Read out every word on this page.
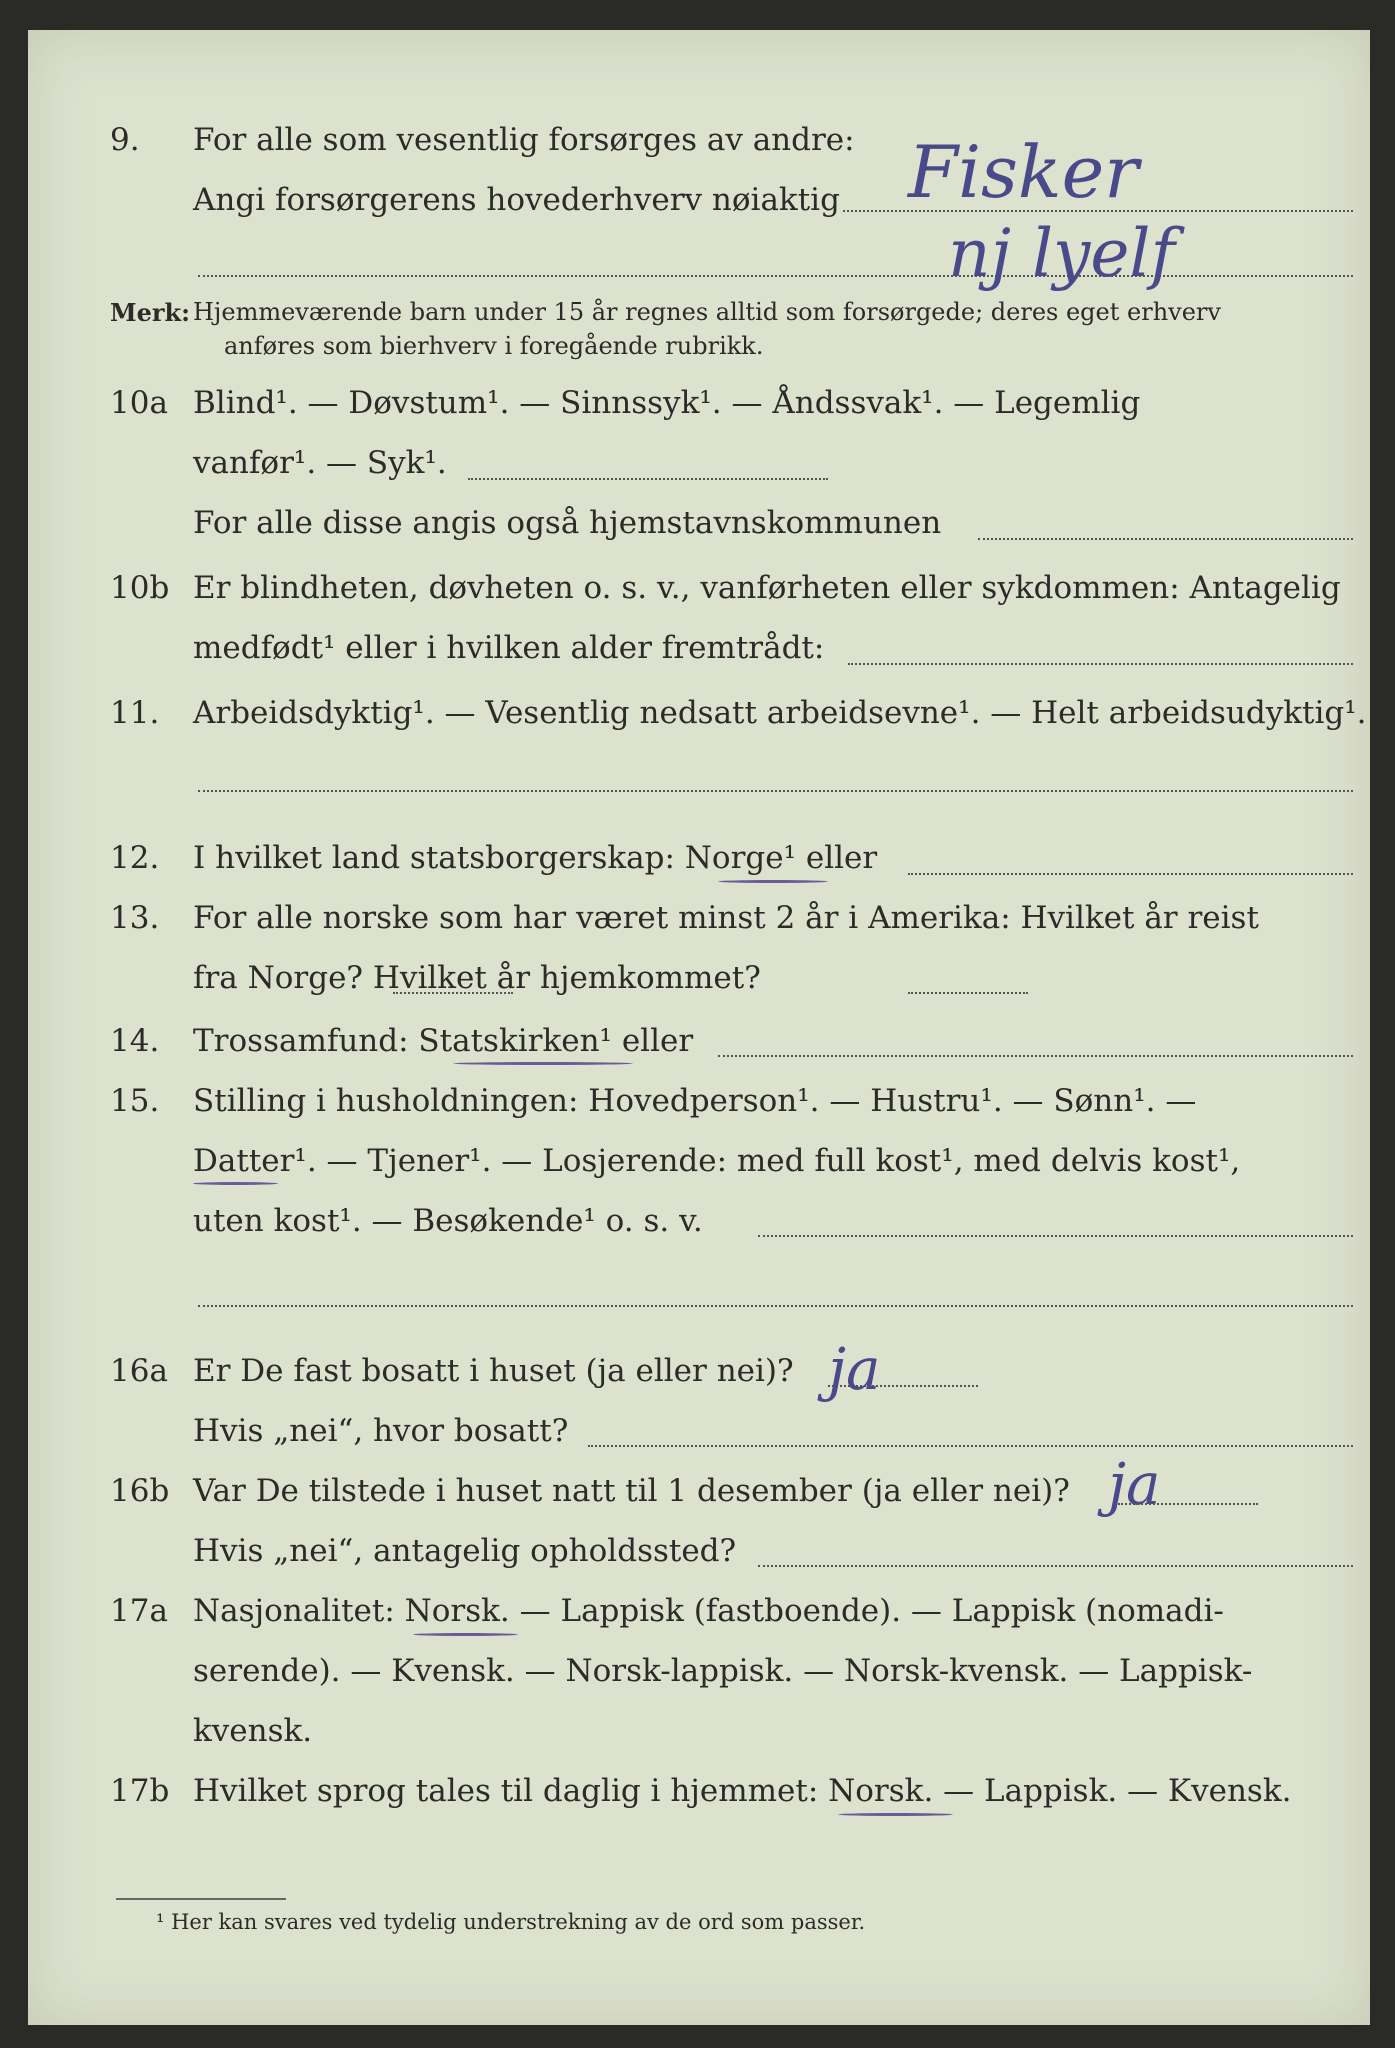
9. For alle som vesentlig forsørges av andre:
Angi forsørgerens hovederhverv nøiaktig Fisker
nj lyelf
Merk: Hjemmeværende barn under 15 år regnes alltid som forsørgede; deres eget erhverv
anføres som bierhverv i foregående rubrikk.
10a Blind¹. — Døvstum¹. — Sinnssyk¹. — Åndssvak¹. — Legemlig
vanfør¹. — Syk¹.
For alle disse angis også hjemstavnskommunen
10b Er blindheten, døvheten o. s. v., vanførheten eller sykdommen: Antagelig
medfødt¹ eller i hvilken alder fremtrådt:
11. Arbeidsdyktig¹. — Vesentlig nedsatt arbeidsevne¹. — Helt arbeidsudyktig¹.
12. I hvilket land statsborgerskap: Norge¹ eller
13. For alle norske som har været minst 2 år i Amerika: Hvilket år reist
fra Norge? Hvilket år hjemkommet?
14. Trossamfund: Statskirken¹ eller
15. Stilling i husholdningen: Hovedperson¹. — Hustru¹. — Sønn¹. —
Datter¹. — Tjener¹. — Losjerende: med full kost¹, med delvis kost¹,
uten kost¹. — Besøkende¹ o. s. v.
16a Er De fast bosatt i huset (ja eller nei)? ja
Hvis „nei“, hvor bosatt?
16b Var De tilstede i huset natt til 1 desember (ja eller nei)? ja
Hvis „nei“, antagelig opholdssted?
17a Nasjonalitet: Norsk. — Lappisk (fastboende). — Lappisk (nomadi-
serende). — Kvensk. — Norsk-lappisk. — Norsk-kvensk. — Lappisk-
kvensk.
17b Hvilket sprog tales til daglig i hjemmet: Norsk. — Lappisk. — Kvensk.
¹ Her kan svares ved tydelig understrekning av de ord som passer.
